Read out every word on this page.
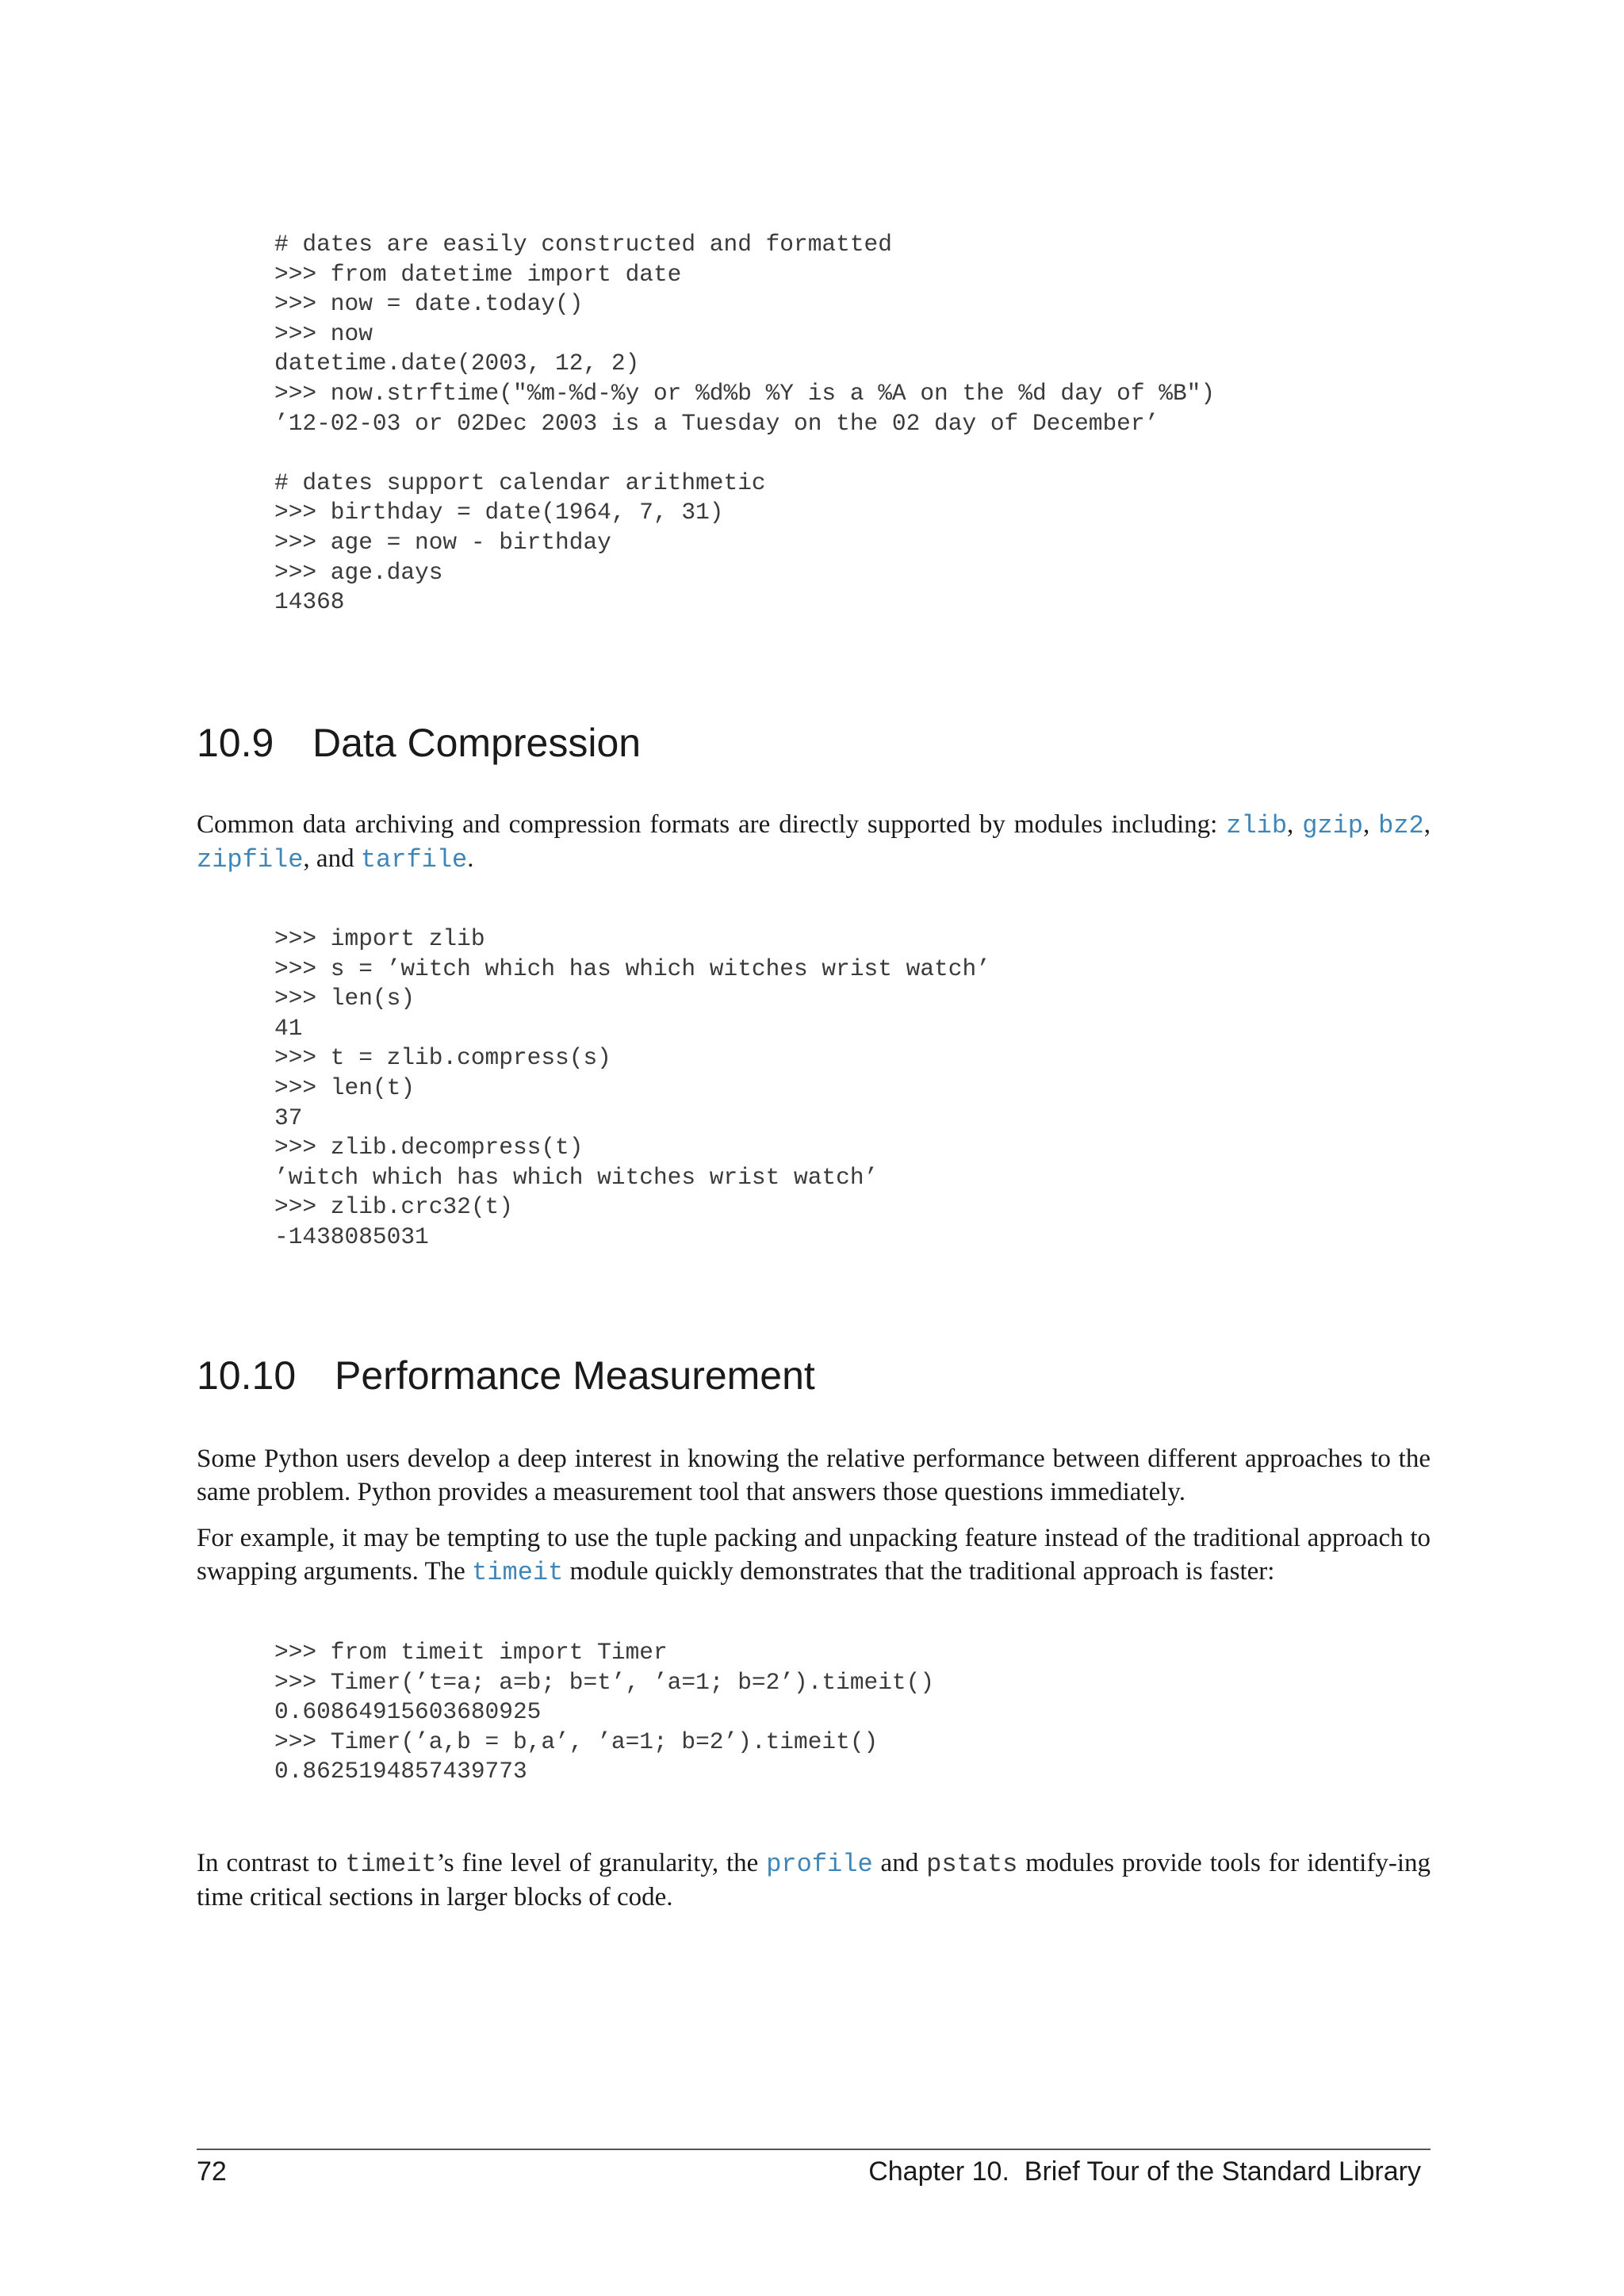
# dates are easily constructed and formatted
>>> from datetime import date
>>> now = date.today()
>>> now
datetime.date(2003, 12, 2)
>>> now.strftime("%m-%d-%y or %d%b %Y is a %A on the %d day of %B")
’12-02-03 or 02Dec 2003 is a Tuesday on the 02 day of December’
# dates support calendar arithmetic
>>> birthday = date(1964, 7, 31)
>>> age = now - birthday
>>> age.days
14368
10.9 Data Compression

Common data archiving and compression formats are directly supported by modules including: zlib, gzip, bz2, zipfile, and tarfile.

>>> import zlib
>>> s = ’witch which has which witches wrist watch’
>>> len(s)
41
>>> t = zlib.compress(s)
>>> len(t)
37
>>> zlib.decompress(t)
’witch which has which witches wrist watch’
>>> zlib.crc32(t)
-1438085031
10.10 Performance Measurement

Some Python users develop a deep interest in knowing the relative performance between different approaches to the same problem. Python provides a measurement tool that answers those questions immediately.

For example, it may be tempting to use the tuple packing and unpacking feature instead of the traditional approach to swapping arguments. The timeit module quickly demonstrates that the traditional approach is faster:

>>> from timeit import Timer
>>> Timer(’t=a; a=b; b=t’, ’a=1; b=2’).timeit()
0.60864915603680925
>>> Timer(’a,b = b,a’, ’a=1; b=2’).timeit()
0.8625194857439773

In contrast to timeit’s fine level of granularity, the profile and pstats modules provide tools for identify-ing time critical sections in larger blocks of code.

72	Chapter 10.  Brief Tour of the Standard Library
